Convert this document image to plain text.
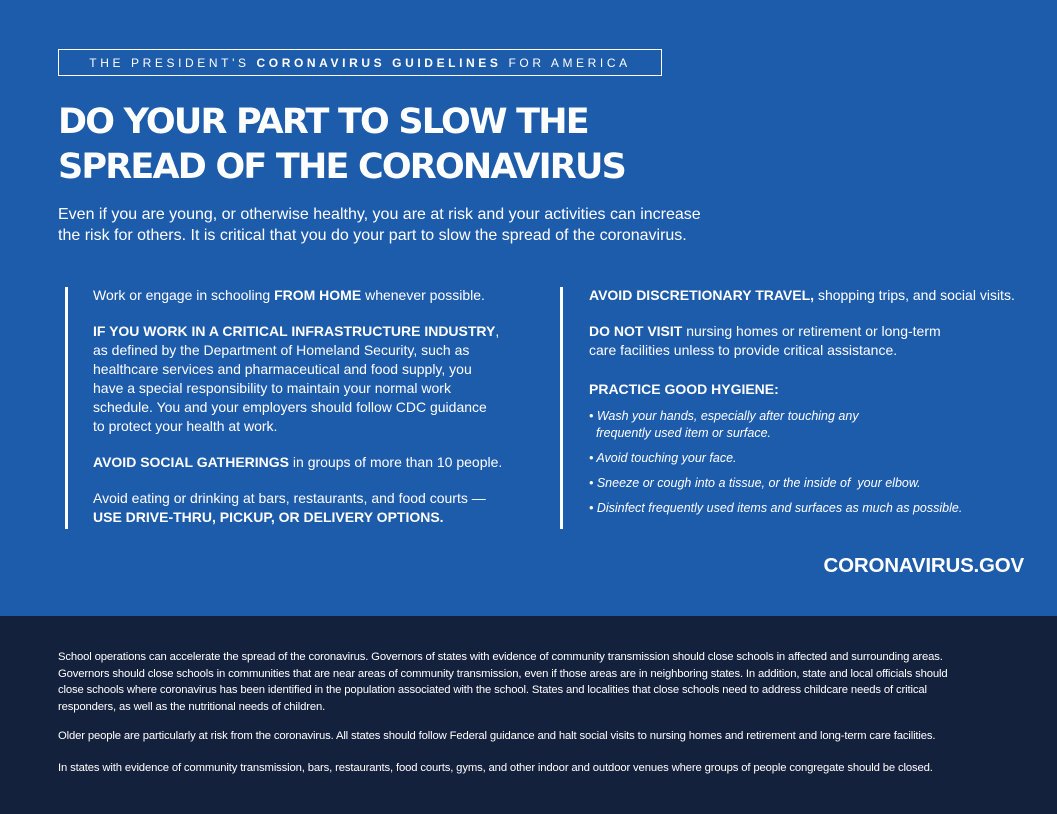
THE PRESIDENT'S
CORONAVIRUS GUIDELINES
FOR AMERICA
DO YOUR PART TO SLOW THE
SPREAD OF THE CORONAVIRUS

Even if you are young, or otherwise healthy, you are at risk and your activities can increase
the risk for others. It is critical that you do your part to slow the spread of the coronavirus.

Work or engage in schooling FROM HOME whenever possible.
IF YOU WORK IN A CRITICAL INFRASTRUCTURE INDUSTRY,
as defined by the Department of Homeland Security, such as
healthcare services and pharmaceutical and food supply, you
have a special responsibility to maintain your normal work
schedule. You and your employers should follow CDC guidance
to protect your health at work.
AVOID SOCIAL GATHERINGS in groups of more than 10 people.
Avoid eating or drinking at bars, restaurants, and food courts —
USE DRIVE-THRU, PICKUP, OR DELIVERY OPTIONS.
AVOID DISCRETIONARY TRAVEL, shopping trips, and social visits.
DO NOT VISIT nursing homes or retirement or long-term
care facilities unless to provide critical assistance.
PRACTICE GOOD HYGIENE:
• Wash your hands, especially after touching any
frequently used item or surface.
• Avoid touching your face.
• Sneeze or cough into a tissue, or the inside of  your elbow.
• Disinfect frequently used items and surfaces as much as possible.

CORONAVIRUS.GOV

School operations can accelerate the spread of the coronavirus. Governors of states with evidence of community transmission should close schools in affected and surrounding areas.
Governors should close schools in communities that are near areas of community transmission, even if those areas are in neighboring states. In addition, state and local officials should
close schools where coronavirus has been identified in the population associated with the school. States and localities that close schools need to address childcare needs of critical
responders, as well as the nutritional needs of children.

Older people are particularly at risk from the coronavirus. All states should follow Federal guidance and halt social visits to nursing homes and retirement and long-term care facilities.

In states with evidence of community transmission, bars, restaurants, food courts, gyms, and other indoor and outdoor venues where groups of people congregate should be closed.
